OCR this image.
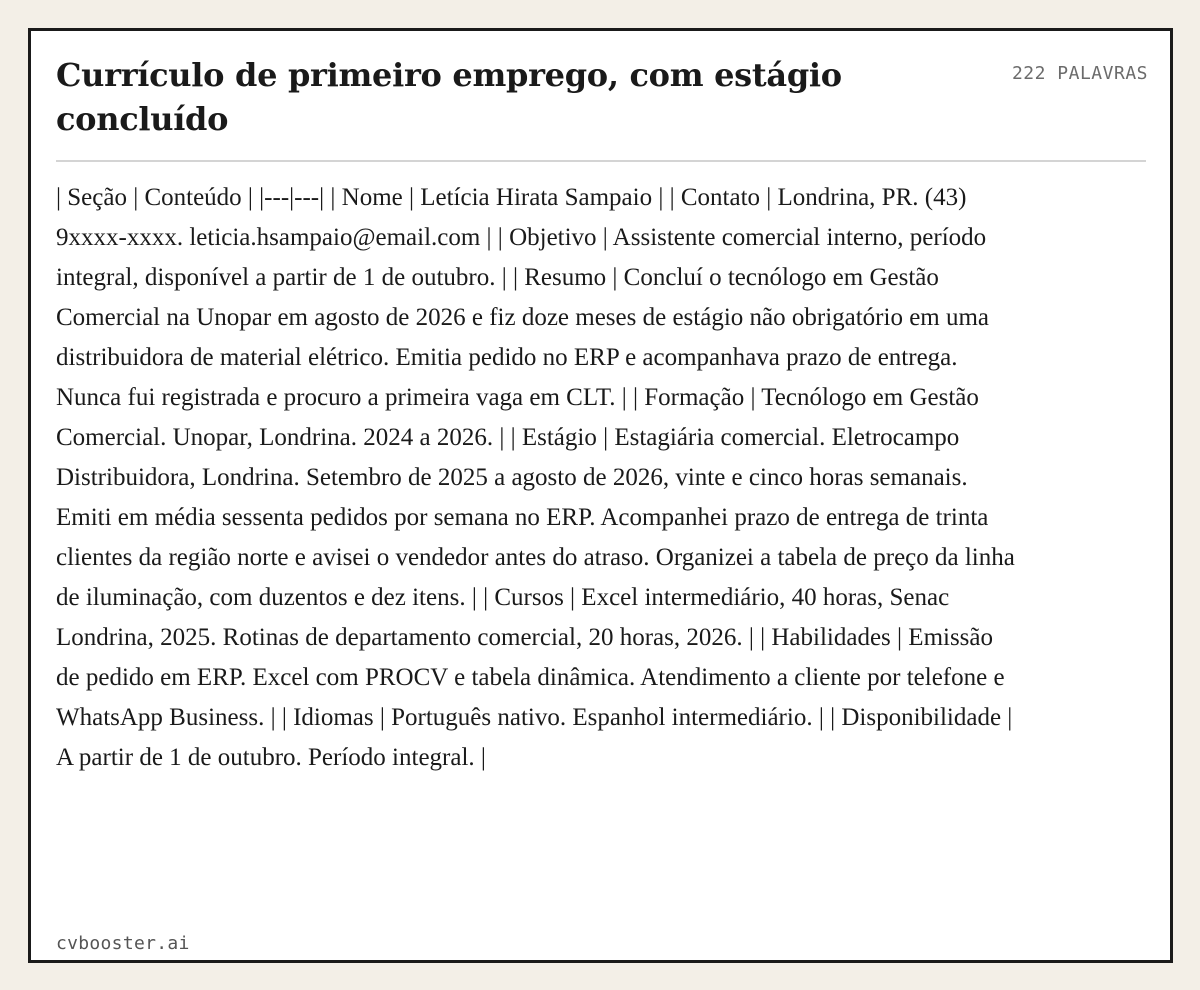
Currículo de primeiro emprego, com estágio concluído
222 PALAVRAS

| Seção | Conteúdo | |---|---| | Nome | Letícia Hirata Sampaio | | Contato | Londrina, PR. (43) 9xxxx-xxxx. leticia.hsampaio@email.com | | Objetivo | Assistente comercial interno, período integral, disponível a partir de 1 de outubro. | | Resumo | Concluí o tecnólogo em Gestão Comercial na Unopar em agosto de 2026 e fiz doze meses de estágio não obrigatório em uma distribuidora de material elétrico. Emitia pedido no ERP e acompanhava prazo de entrega. Nunca fui registrada e procuro a primeira vaga em CLT. | | Formação | Tecnólogo em Gestão Comercial. Unopar, Londrina. 2024 a 2026. | | Estágio | Estagiária comercial. Eletrocampo Distribuidora, Londrina. Setembro de 2025 a agosto de 2026, vinte e cinco horas semanais. Emiti em média sessenta pedidos por semana no ERP. Acompanhei prazo de entrega de trinta clientes da região norte e avisei o vendedor antes do atraso. Organizei a tabela de preço da linha de iluminação, com duzentos e dez itens. | | Cursos | Excel intermediário, 40 horas, Senac Londrina, 2025. Rotinas de departamento comercial, 20 horas, 2026. | | Habilidades | Emissão de pedido em ERP. Excel com PROCV e tabela dinâmica. Atendimento a cliente por telefone e WhatsApp Business. | | Idiomas | Português nativo. Espanhol intermediário. | | Disponibilidade | A partir de 1 de outubro. Período integral. |

cvbooster.ai
